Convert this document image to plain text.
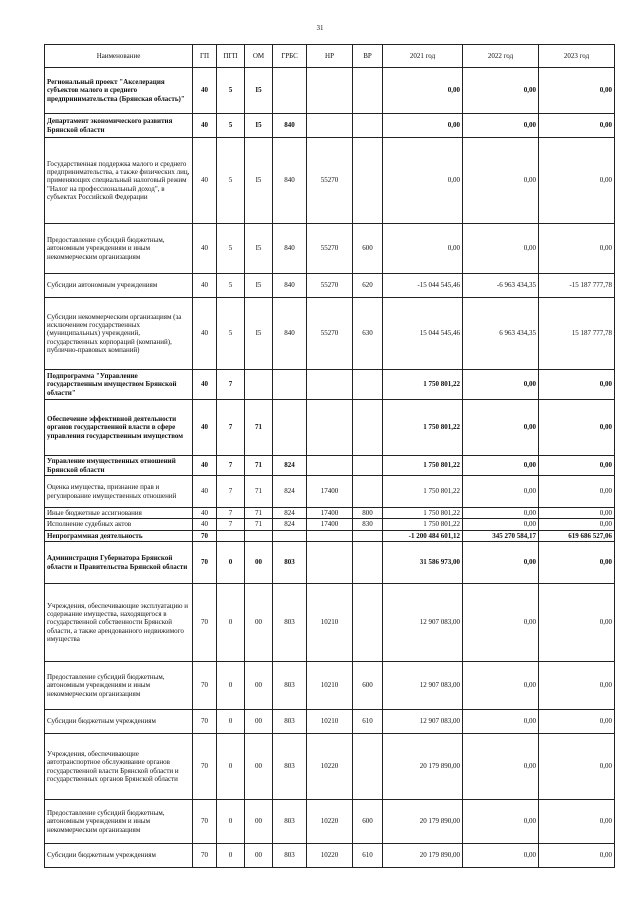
31
Наименование	ГП	ПГП	ОМ	ГРБС	НР	ВР	2021 год	2022 год	2023 год
Региональный проект "Акселерация субъектов малого и среднего предпринимательства (Брянская область)"	40	5	I5				0,00	0,00	0,00
Департамент экономического развития Брянской области	40	5	I5	840			0,00	0,00	0,00
Государственная поддержка малого и среднего предпринимательства, а также физических лиц, применяющих специальный налоговый режим "Налог на профессиональный доход", в субъектах Российской Федерации	40	5	I5	840	55270		0,00	0,00	0,00
Предоставление субсидий бюджетным, автономным учреждениям и иным некоммерческим организациям	40	5	I5	840	55270	600	0,00	0,00	0,00
Субсидии автономным учреждениям	40	5	I5	840	55270	620	-15 044 545,46	-6 963 434,35	-15 187 777,78
Субсидии некоммерческим организациям (за исключением государственных (муниципальных) учреждений, государственных корпораций (компаний), публично-правовых компаний)	40	5	I5	840	55270	630	15 044 545,46	6 963 434,35	15 187 777,78
Подпрограмма "Управление государственным имуществом Брянской области"	40	7					1 750 801,22	0,00	0,00
Обеспечение эффективной деятельности органов государственной власти в сфере управления государственным имуществом	40	7	71				1 750 801,22	0,00	0,00
Управление имущественных отношений Брянской области	40	7	71	824			1 750 801,22	0,00	0,00
Оценка имущества, признание прав и регулирование имущественных отношений	40	7	71	824	17400		1 750 801,22	0,00	0,00
Иные бюджетные ассигнования	40	7	71	824	17400	800	1 750 801,22	0,00	0,00
Исполнение судебных актов	40	7	71	824	17400	830	1 750 801,22	0,00	0,00
Непрограммная деятельность	70						-1 200 484 601,12	345 270 584,17	619 686 527,06
Администрация Губернатора Брянской области и Правительства Брянской области	70	0	00	803			31 586 973,00	0,00	0,00
Учреждения, обеспечивающие эксплуатацию и содержание имущества, находящегося в государственной собственности Брянской области, а также арендованного недвижимого имущества	70	0	00	803	10210		12 907 083,00	0,00	0,00
Предоставление субсидий бюджетным, автономным учреждениям и иным некоммерческим организациям	70	0	00	803	10210	600	12 907 083,00	0,00	0,00
Субсидии бюджетным учреждениям	70	0	00	803	10210	610	12 907 083,00	0,00	0,00
Учреждения, обеспечивающие автотранспортное обслуживание органов государственной власти Брянской области и государственных органов Брянской области	70	0	00	803	10220		20 179 890,00	0,00	0,00
Предоставление субсидий бюджетным, автономным учреждениям и иным некоммерческим организациям	70	0	00	803	10220	600	20 179 890,00	0,00	0,00
Субсидии бюджетным учреждениям	70	0	00	803	10220	610	20 179 890,00	0,00	0,00
